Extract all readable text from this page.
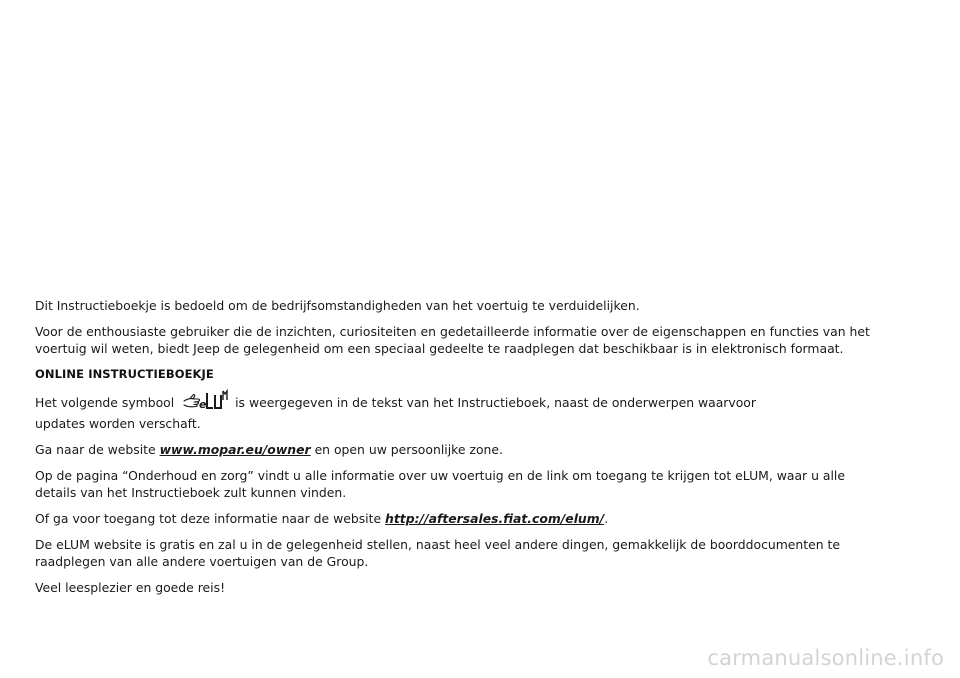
Dit Instructieboekje is bedoeld om de bedrijfsomstandigheden van het voertuig te verduidelijken.

Voor de enthousiaste gebruiker die de inzichten, curiositeiten en gedetailleerde informatie over de eigenschappen en functies van het voertuig wil weten, biedt Jeep de gelegenheid om een speciaal gedeelte te raadplegen dat beschikbaar is in elektronisch formaat.

ONLINE INSTRUCTIEBOEKJE

Het volgende symbool e is weergegeven in de tekst van het Instructieboek, naast de onderwerpen waarvoor updates worden verschaft.

Ga naar de website www.mopar.eu/owner en open uw persoonlijke zone.

Op de pagina “Onderhoud en zorg” vindt u alle informatie over uw voertuig en de link om toegang te krijgen tot eLUM, waar u alle details van het Instructieboek zult kunnen vinden.

Of ga voor toegang tot deze informatie naar de website http://aftersales.fiat.com/elum/.

De eLUM website is gratis en zal u in de gelegenheid stellen, naast heel veel andere dingen, gemakkelijk de boorddocumenten te raadplegen van alle andere voertuigen van de Group.

Veel leesplezier en goede reis!

carmanualsonline.info
